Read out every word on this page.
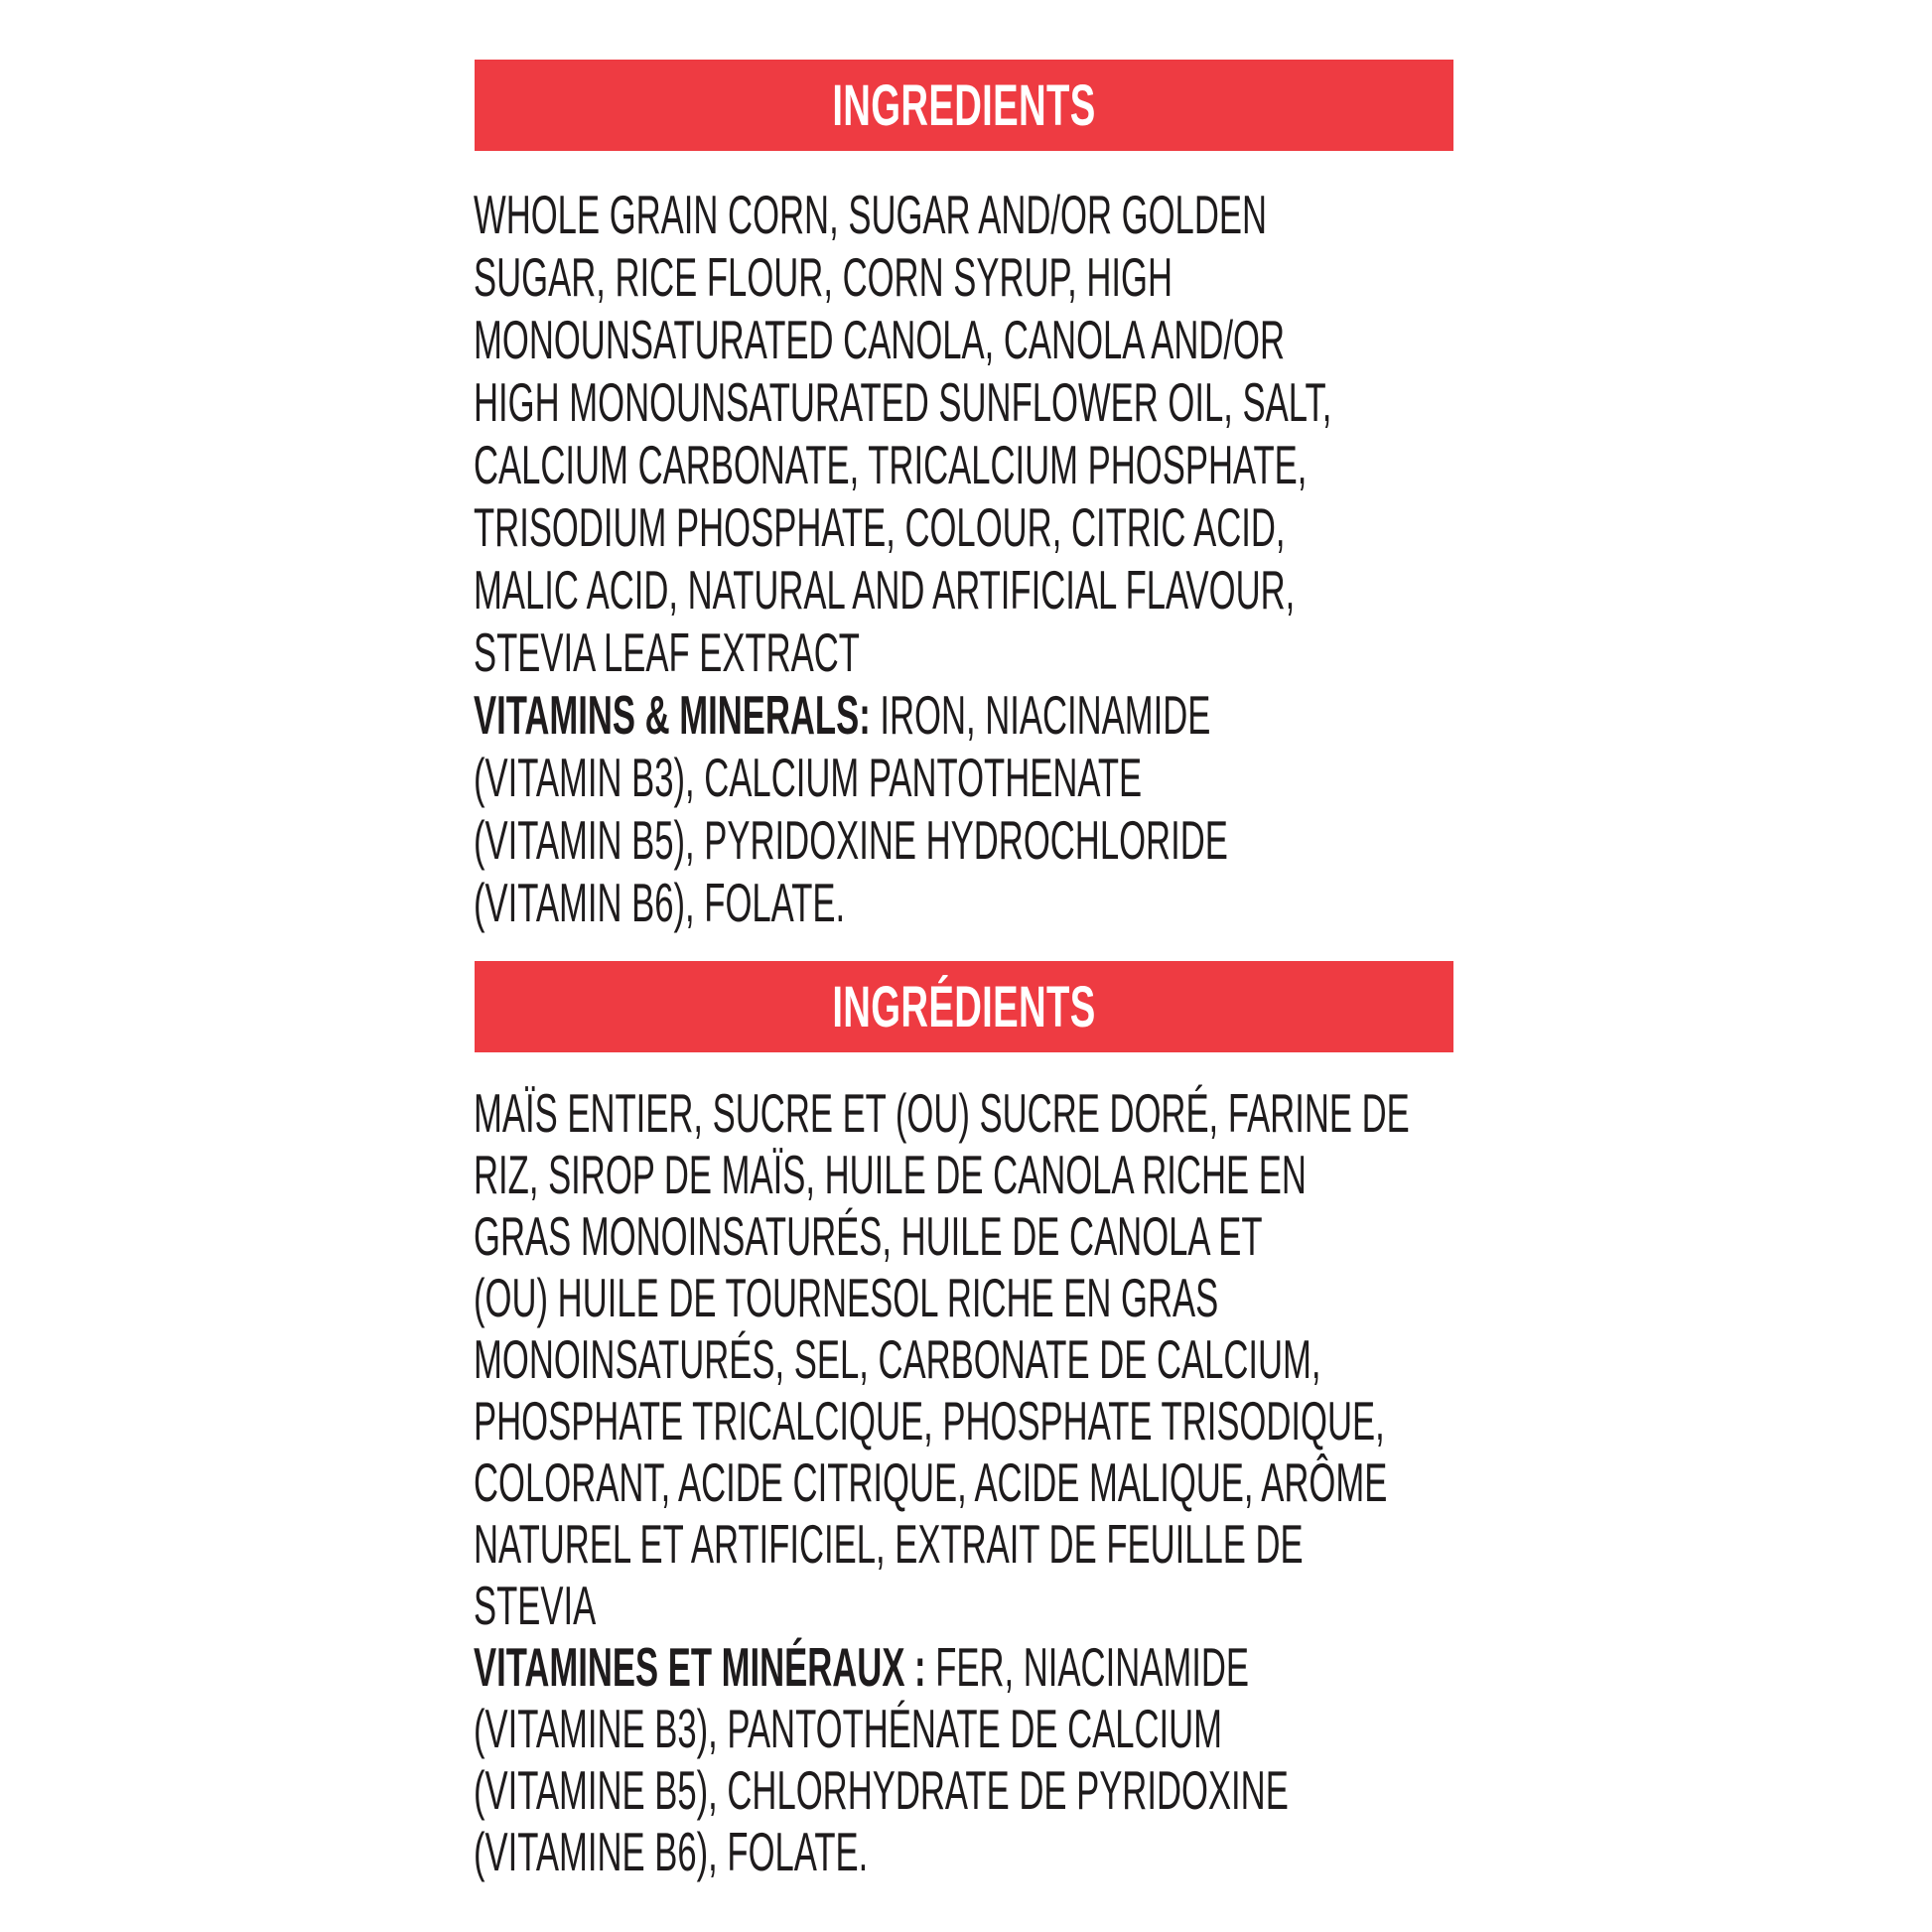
INGREDIENTS
WHOLE GRAIN CORN, SUGAR AND/OR GOLDEN
SUGAR, RICE FLOUR, CORN SYRUP, HIGH
MONOUNSATURATED CANOLA, CANOLA AND/OR
HIGH MONOUNSATURATED SUNFLOWER OIL, SALT,
CALCIUM CARBONATE, TRICALCIUM PHOSPHATE,
TRISODIUM PHOSPHATE, COLOUR, CITRIC ACID,
MALIC ACID, NATURAL AND ARTIFICIAL FLAVOUR,
STEVIA LEAF EXTRACT
VITAMINS & MINERALS: IRON, NIACINAMIDE
(VITAMIN B3), CALCIUM PANTOTHENATE
(VITAMIN B5), PYRIDOXINE HYDROCHLORIDE
(VITAMIN B6), FOLATE.
INGRÉDIENTS
MAÏS ENTIER, SUCRE ET (OU) SUCRE DORÉ, FARINE DE
RIZ, SIROP DE MAÏS, HUILE DE CANOLA RICHE EN
GRAS MONOINSATURÉS, HUILE DE CANOLA ET
(OU) HUILE DE TOURNESOL RICHE EN GRAS
MONOINSATURÉS, SEL, CARBONATE DE CALCIUM,
PHOSPHATE TRICALCIQUE, PHOSPHATE TRISODIQUE,
COLORANT, ACIDE CITRIQUE, ACIDE MALIQUE, ARÔME
NATUREL ET ARTIFICIEL, EXTRAIT DE FEUILLE DE
STEVIA
VITAMINES ET MINÉRAUX : FER, NIACINAMIDE
(VITAMINE B3), PANTOTHÉNATE DE CALCIUM
(VITAMINE B5), CHLORHYDRATE DE PYRIDOXINE
(VITAMINE B6), FOLATE.
